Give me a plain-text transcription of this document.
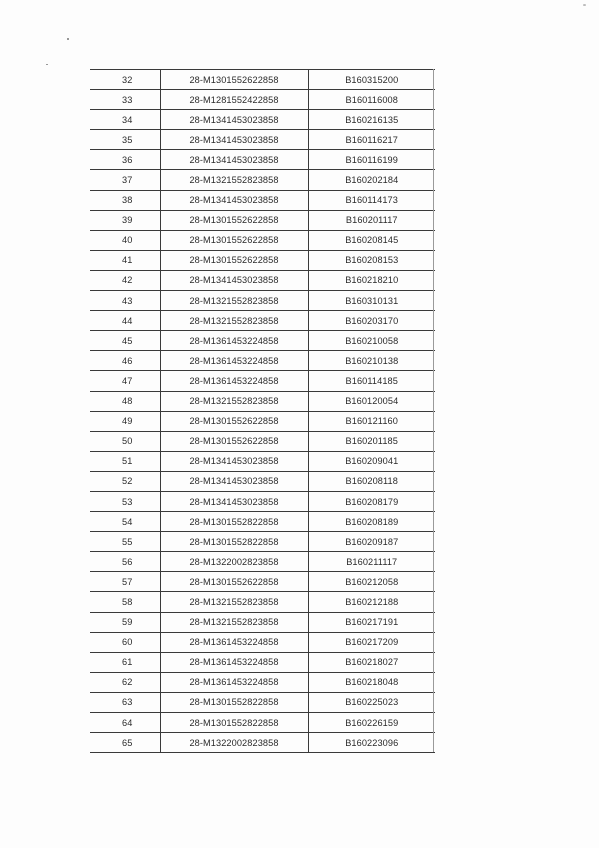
32	28-M1301552622858	B160315200
33	28-M1281552422858	B160116008
34	28-M1341453023858	B160216135
35	28-M1341453023858	B160116217
36	28-M1341453023858	B160116199
37	28-M1321552823858	B160202184
38	28-M1341453023858	B160114173
39	28-M1301552622858	B160201117
40	28-M1301552622858	B160208145
41	28-M1301552622858	B160208153
42	28-M1341453023858	B160218210
43	28-M1321552823858	B160310131
44	28-M1321552823858	B160203170
45	28-M1361453224858	B160210058
46	28-M1361453224858	B160210138
47	28-M1361453224858	B160114185
48	28-M1321552823858	B160120054
49	28-M1301552622858	B160121160
50	28-M1301552622858	B160201185
51	28-M1341453023858	B160209041
52	28-M1341453023858	B160208118
53	28-M1341453023858	B160208179
54	28-M1301552822858	B160208189
55	28-M1301552822858	B160209187
56	28-M1322002823858	B160211117
57	28-M1301552622858	B160212058
58	28-M1321552823858	B160212188
59	28-M1321552823858	B160217191
60	28-M1361453224858	B160217209
61	28-M1361453224858	B160218027
62	28-M1361453224858	B160218048
63	28-M1301552822858	B160225023
64	28-M1301552822858	B160226159
65	28-M1322002823858	B160223096
